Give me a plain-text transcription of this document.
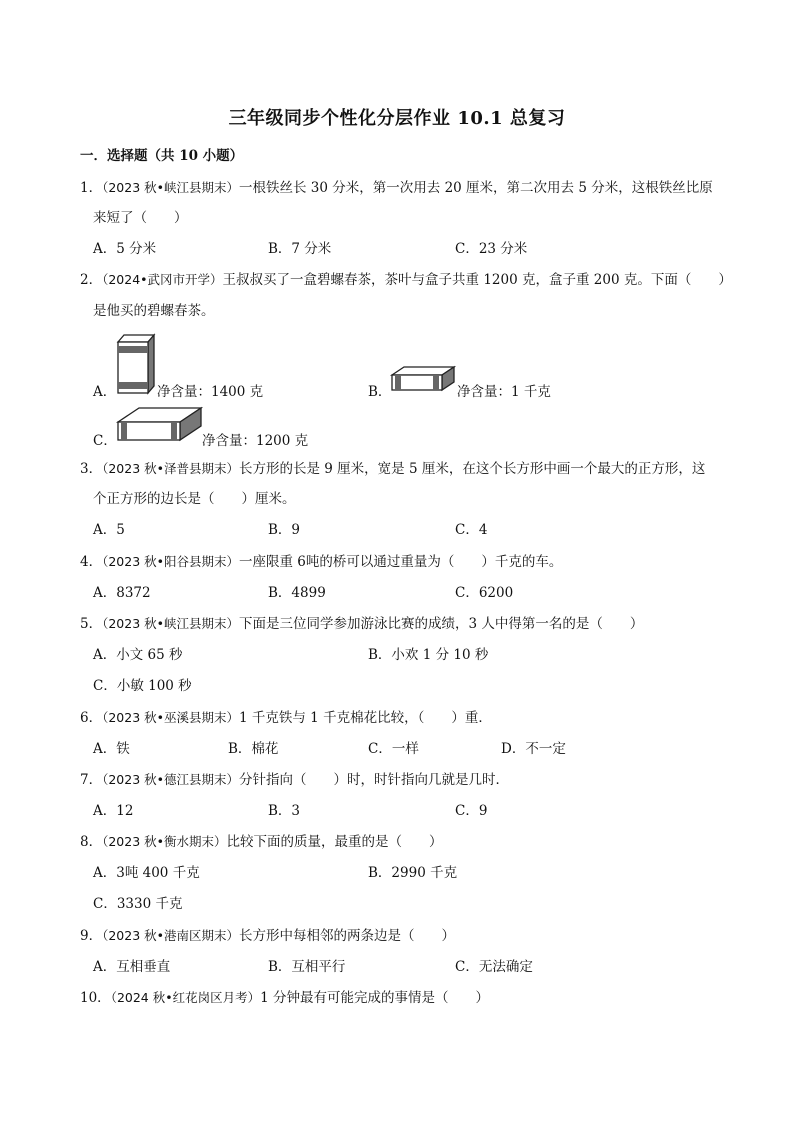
三年级同步个性化分层作业 10.1 总复习
一．选择题（共 10 小题）
1．（2023 秋•峡江县期末）一根铁丝长 30 分米，第一次用去 20 厘米，第二次用去 5 分米，这根铁丝比原
来短了（　　）
A．5 分米	B．7 分米	C．23 分米
2．（2024•武冈市开学）王叔叔买了一盒碧螺春茶，茶叶与盒子共重 1200 克，盒子重 200 克。下面（　　）
是他买的碧螺春茶。
A．	净含量：1400 克	B．	净含量：1 千克
C．	净含量：1200 克
3．（2023 秋•泽普县期末）长方形的长是 9 厘米，宽是 5 厘米，在这个长方形中画一个最大的正方形，这
个正方形的边长是（　　）厘米。
A．5	B．9	C．4
4．（2023 秋•阳谷县期末）一座限重 6吨的桥可以通过重量为（　　）千克的车。
A．8372	B．4899	C．6200
5．（2023 秋•峡江县期末）下面是三位同学参加游泳比赛的成绩，3 人中得第一名的是（　　）
A．小文 65 秒	B．小欢 1 分 10 秒
C．小敏 100 秒
6．（2023 秋•巫溪县期末）1 千克铁与 1 千克棉花比较，（　　）重．
A．铁	B．棉花	C．一样	D．不一定
7．（2023 秋•德江县期末）分针指向（　　）时，时针指向几就是几时．
A．12	B．3	C．9
8．（2023 秋•衡水期末）比较下面的质量，最重的是（　　）
A．3吨 400 千克	B．2990 千克
C．3330 千克
9．（2023 秋•港南区期末）长方形中每相邻的两条边是（　　）
A．互相垂直	B．互相平行	C．无法确定
10．（2024 秋•红花岗区月考）1 分钟最有可能完成的事情是（　　）
